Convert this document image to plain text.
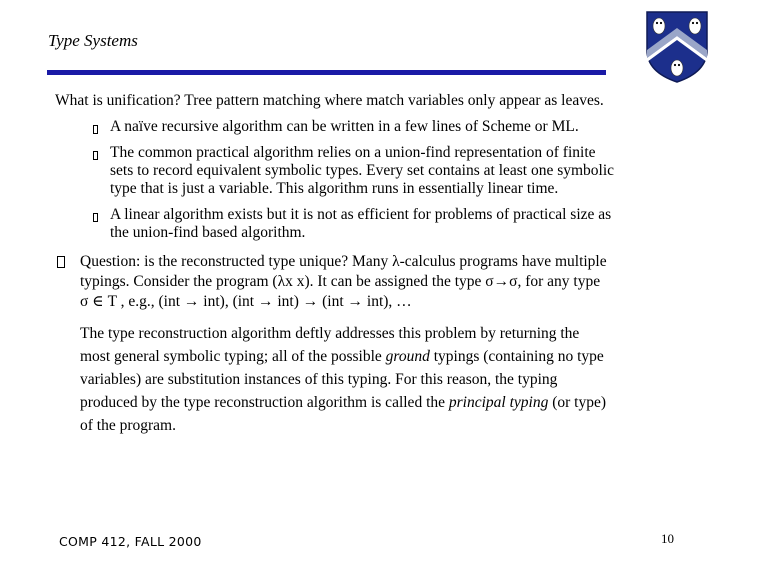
Type Systems
What is unification? Tree pattern matching where match variables only appear as leaves.
A naïve recursive algorithm can be written in a few lines of Scheme or ML.
The common practical algorithm relies on a union-find representation of finite
sets to record equivalent symbolic types. Every set contains at least one symbolic
type that is just a variable. This algorithm runs in essentially linear time.
A linear algorithm exists but it is not as efficient for problems of practical size as
the union-find based algorithm.
Question: is the reconstructed type unique? Many λ-calculus programs have multiple
typings. Consider the program (λx x). It can be assigned the type σ→σ, for any type
σ ∈ T , e.g., (int → int), (int → int) → (int → int), …
The type reconstruction algorithm deftly addresses this problem by returning the
most general symbolic typing; all of the possible ground typings (containing no type
variables) are substitution instances of this typing. For this reason, the typing
produced by the type reconstruction algorithm is called the principal typing (or type)
of the program.
COMP 412, FALL 2000	10
